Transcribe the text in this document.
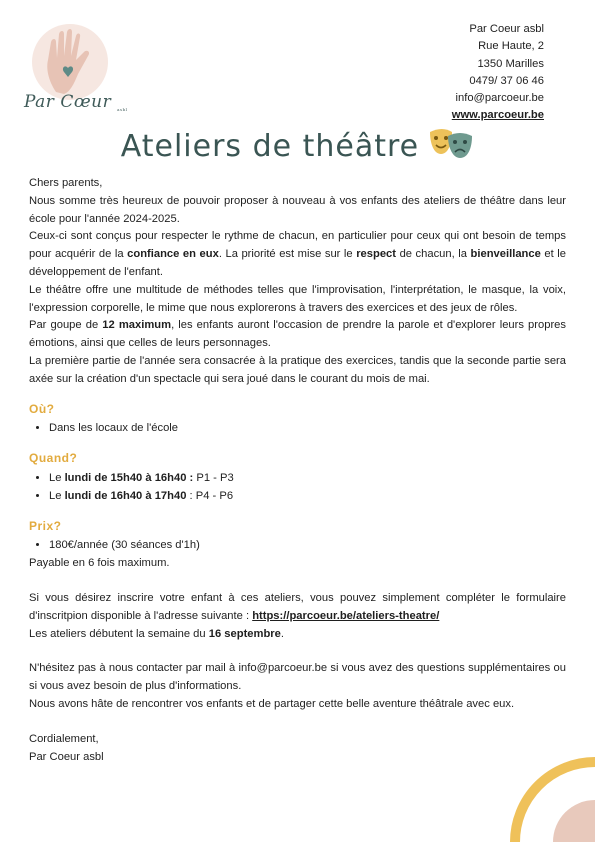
Par Cœur asbl
Par Coeur asbl
Rue Haute, 2
1350 Marilles
0479/ 37 06 46
info@parcoeur.be
www.parcoeur.be
Ateliers de théâtre

Chers parents,

Nous somme très heureux de pouvoir proposer à nouveau à vos enfants des ateliers de théâtre dans leur école pour l'année 2024-2025.

Ceux-ci sont conçus pour respecter le rythme de chacun, en particulier pour ceux qui ont besoin de temps pour acquérir de la confiance en eux. La priorité est mise sur le respect de chacun, la bienveillance et le développement de l'enfant.

Le théâtre offre une multitude de méthodes telles que l'improvisation, l'interprétation, le masque, la voix, l'expression corporelle, le mime que nous explorerons à travers des exercices et des jeux de rôles.

Par goupe de 12 maximum, les enfants auront l'occasion de prendre la parole et d'explorer leurs propres émotions, ainsi que celles de leurs personnages.

La première partie de l'année sera consacrée à la pratique des exercices, tandis que la seconde partie sera axée sur la création d'un spectacle qui sera joué dans le courant du mois de mai.

Où?
• Dans les locaux de l'école
Quand?
• Le lundi de 15h40 à 16h40 : P1 - P3
• Le lundi de 16h40 à 17h40 : P4 - P6
Prix?
• 180€/année (30 séances d'1h)

Payable en 6 fois maximum.

Si vous désirez inscrire votre enfant à ces ateliers, vous pouvez simplement compléter le formulaire d'inscritpion disponible à l'adresse suivante : https://parcoeur.be/ateliers-theatre/

Les ateliers débutent la semaine du 16 septembre.

N'hésitez pas à nous contacter par mail à info@parcoeur.be si vous avez des questions supplémentaires ou si vous avez besoin de plus d'informations.

Nous avons hâte de rencontrer vos enfants et de partager cette belle aventure théâtrale avec eux.

Cordialement,

Par Coeur asbl
